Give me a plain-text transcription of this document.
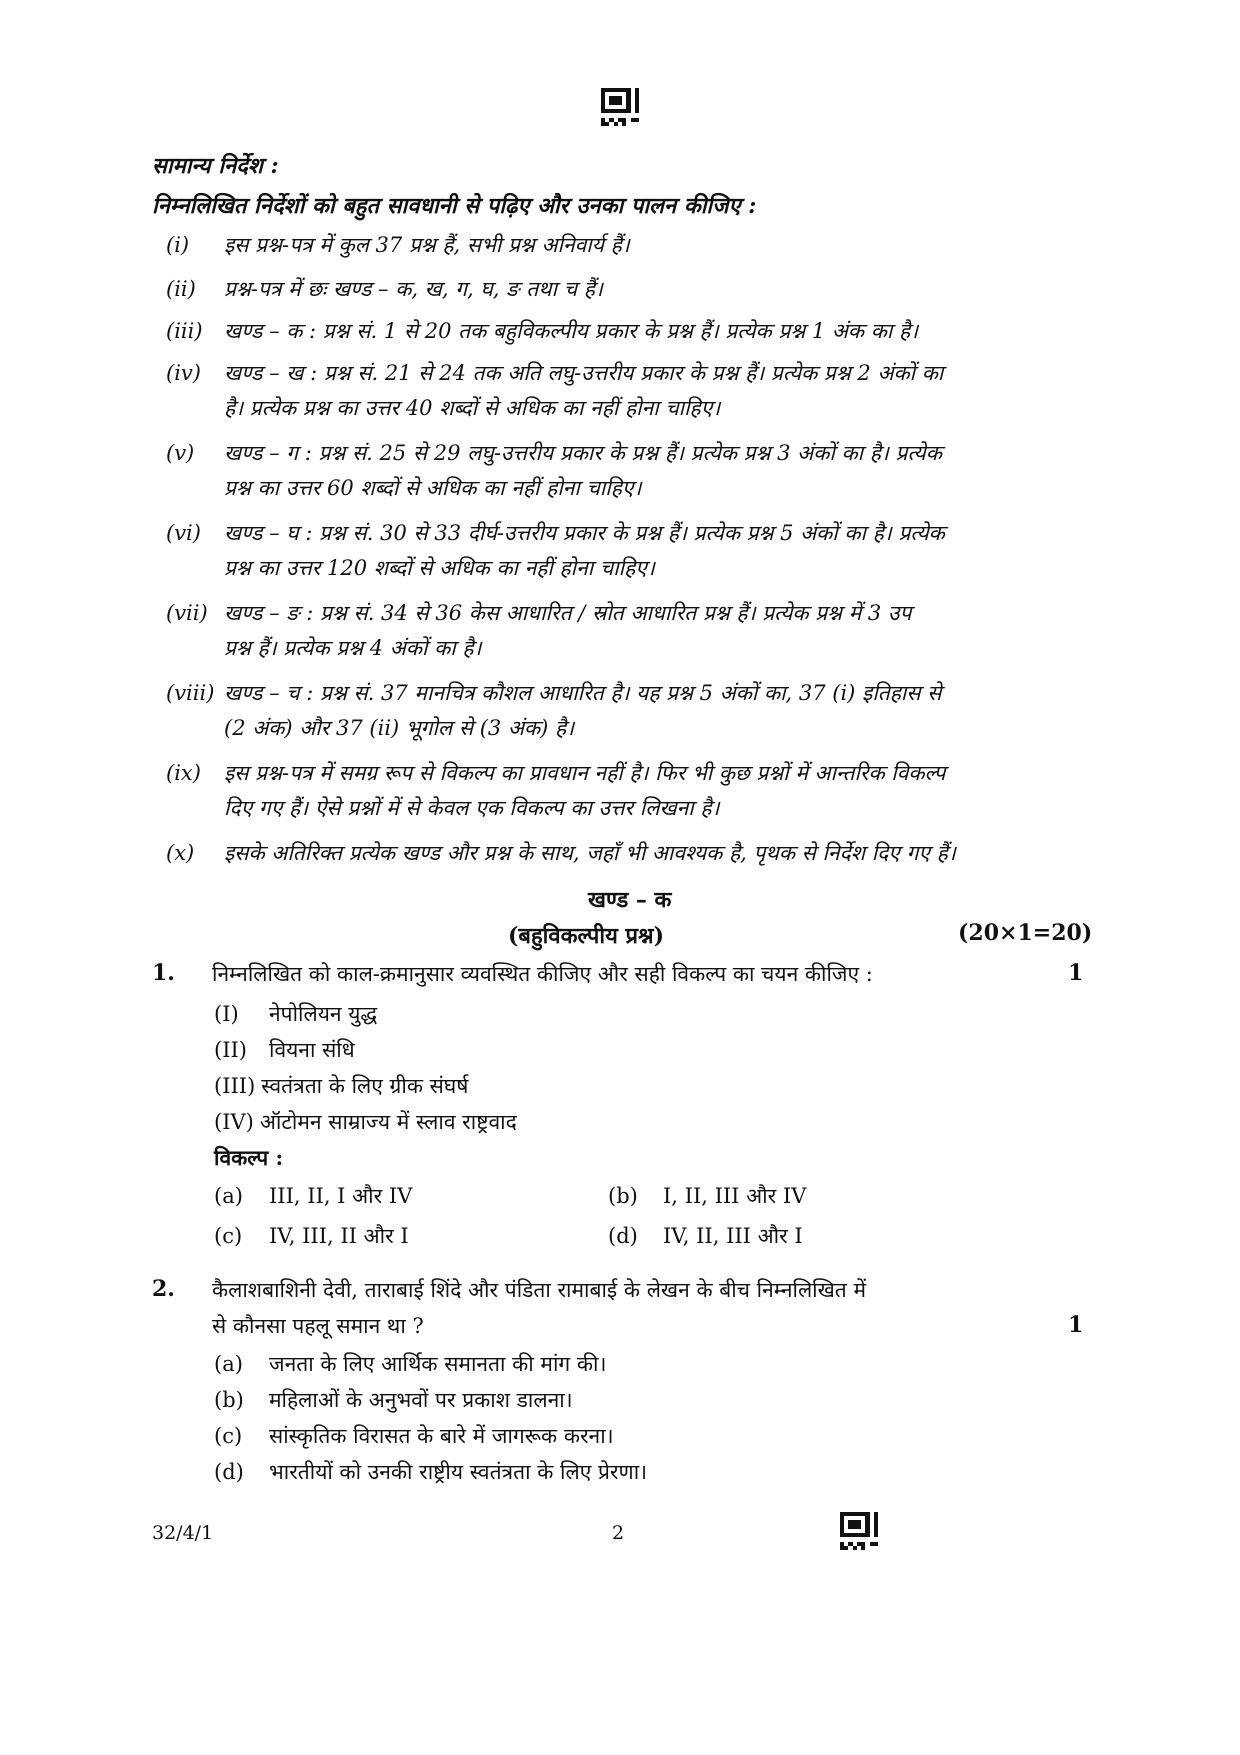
सामान्य निर्देश :
निम्नलिखित निर्देशों को बहुत सावधानी से पढ़िए और उनका पालन कीजिए :
(i)	इस प्रश्न-पत्र में कुल 37 प्रश्न हैं, सभी प्रश्न अनिवार्य हैं।
(ii)	प्रश्न-पत्र में छः खण्ड – क, ख, ग, घ, ङ तथा च हैं।
(iii)	खण्ड – क : प्रश्न सं. 1 से 20 तक बहुविकल्पीय प्रकार के प्रश्न हैं। प्रत्येक प्रश्न 1 अंक का है।
(iv)	खण्ड – ख : प्रश्न सं. 21 से 24 तक अति लघु-उत्तरीय प्रकार के प्रश्न हैं। प्रत्येक प्रश्न 2 अंकों का
है। प्रत्येक प्रश्न का उत्तर 40 शब्दों से अधिक का नहीं होना चाहिए।
(v)	खण्ड – ग : प्रश्न सं. 25 से 29 लघु-उत्तरीय प्रकार के प्रश्न हैं। प्रत्येक प्रश्न 3 अंकों का है। प्रत्येक
प्रश्न का उत्तर 60 शब्दों से अधिक का नहीं होना चाहिए।
(vi)	खण्ड – घ : प्रश्न सं. 30 से 33 दीर्घ-उत्तरीय प्रकार के प्रश्न हैं। प्रत्येक प्रश्न 5 अंकों का है। प्रत्येक
प्रश्न का उत्तर 120 शब्दों से अधिक का नहीं होना चाहिए।
(vii) खण्ड – ङ : प्रश्न सं. 34 से 36 केस आधारित / स्रोत आधारित प्रश्न हैं। प्रत्येक प्रश्न में 3 उप
प्रश्न हैं। प्रत्येक प्रश्न 4 अंकों का है।
(viii) खण्ड – च : प्रश्न सं. 37 मानचित्र कौशल आधारित है। यह प्रश्न 5 अंकों का, 37 (i) इतिहास से
(2 अंक) और 37 (ii) भूगोल से (3 अंक) है।
(ix)	इस प्रश्न-पत्र में समग्र रूप से विकल्प का प्रावधान नहीं है। फिर भी कुछ प्रश्नों में आन्तरिक विकल्प
दिए गए हैं। ऐसे प्रश्नों में से केवल एक विकल्प का उत्तर लिखना है।
(x)	इसके अतिरिक्त प्रत्येक खण्ड और प्रश्न के साथ, जहाँ भी आवश्यक है, पृथक से निर्देश दिए गए हैं।
खण्ड – क
(बहुविकल्पीय प्रश्न)	(20×1=20)
1. निम्नलिखित को काल-क्रमानुसार व्यवस्थित कीजिए और सही विकल्प का चयन कीजिए :	1
(I) नेपोलियन युद्ध
(II) वियना संधि
(III) स्वतंत्रता के लिए ग्रीक संघर्ष
(IV) ऑटोमन साम्राज्य में स्लाव राष्ट्रवाद
विकल्प :
(a) III, II, I और IV	(b) I, II, III और IV
(c) IV, III, II और I	(d) IV, II, III और I
2. कैलाशबाशिनी देवी, ताराबाई शिंदे और पंडिता रामाबाई के लेखन के बीच निम्नलिखित में
से कौनसा पहलू समान था ?	1
(a) जनता के लिए आर्थिक समानता की मांग की।
(b) महिलाओं के अनुभवों पर प्रकाश डालना।
(c) सांस्कृतिक विरासत के बारे में जागरूक करना।
(d) भारतीयों को उनकी राष्ट्रीय स्वतंत्रता के लिए प्रेरणा।
32/4/1	2
